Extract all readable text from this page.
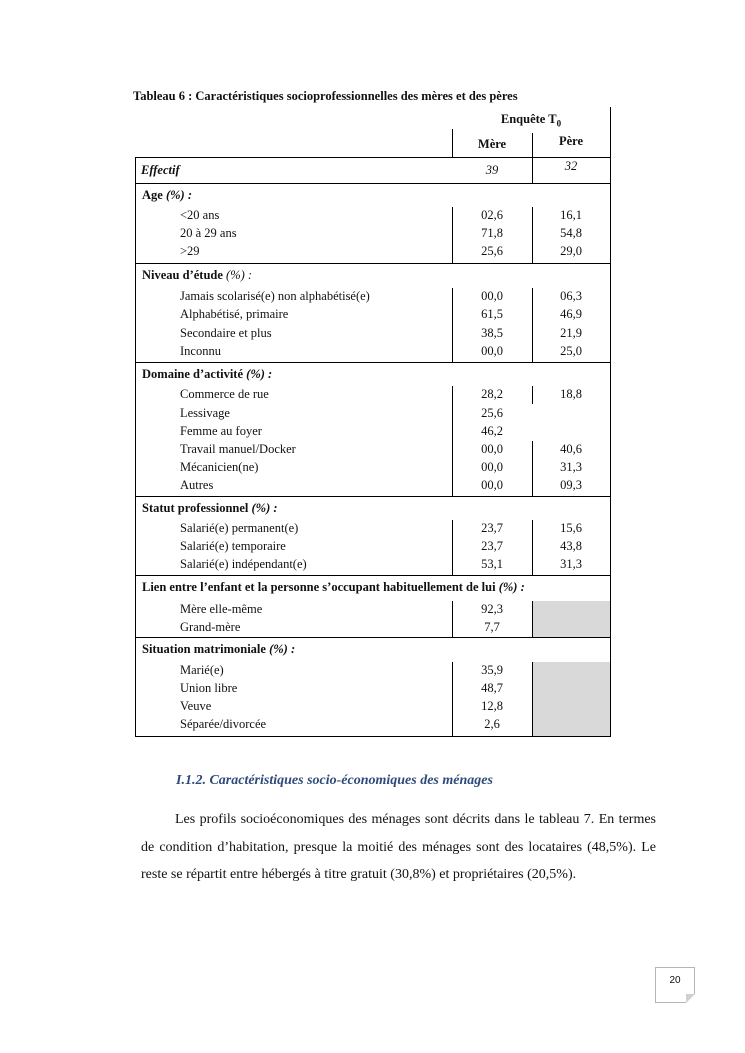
Tableau 6 : Caractéristiques socioprofessionnelles des mères et des pères
Enquête $T_0$
Mère	Père
Effectif	39	32
Age (%) :
<20 ans	02,6	16,1
20 à 29 ans	71,8	54,8
>29	25,6	29,0
Niveau d’étude (%) :
Jamais scolarisé(e) non alphabétisé(e)	00,0	06,3
Alphabétisé, primaire	61,5	46,9
Secondaire et plus	38,5	21,9
Inconnu	00,0	25,0
Domaine d’activité (%) :
Commerce de rue	28,2	18,8
Lessivage	25,6
Femme au foyer	46,2
Travail manuel/Docker	00,0	40,6
Mécanicien(ne)	00,0	31,3
Autres	00,0	09,3
Statut professionnel (%) :
Salarié(e) permanent(e)	23,7	15,6
Salarié(e) temporaire	23,7	43,8
Salarié(e) indépendant(e)	53,1	31,3
Lien entre l’enfant et la personne s’occupant habituellement de lui (%) :
Mère elle-même	92,3
Grand-mère	7,7
Situation matrimoniale (%) :
Marié(e)	35,9
Union libre	48,7
Veuve	12,8
Séparée/divorcée	2,6
I.1.2. Caractéristiques socio-économiques des ménages
Les profils socioéconomiques des ménages sont décrits dans le tableau 7. En termes de condition d’habitation, presque la moitié des ménages sont des locataires (48,5%). Le reste se répartit entre hébergés à titre gratuit (30,8%) et propriétaires (20,5%).
20
